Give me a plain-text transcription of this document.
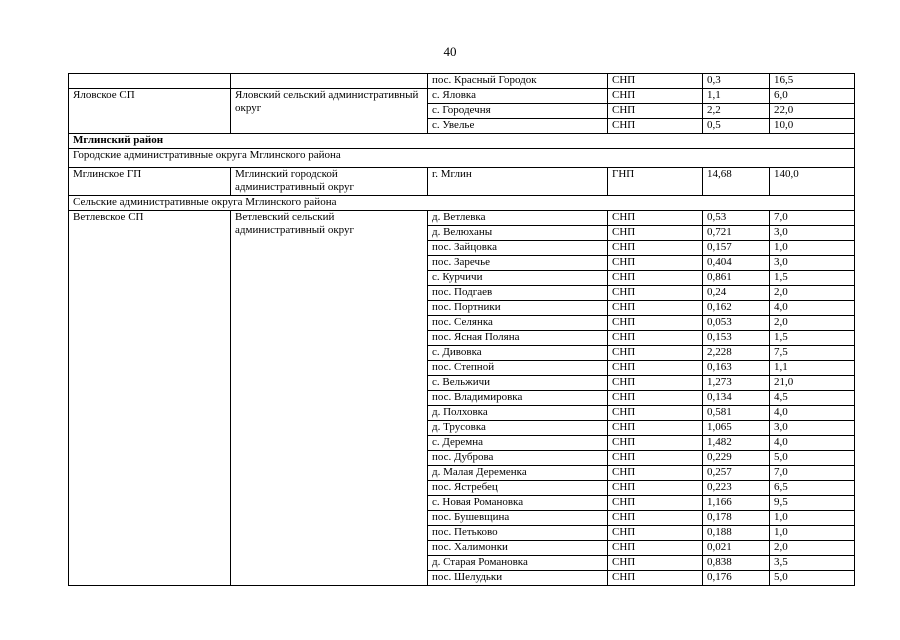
40
		пос. Красный Городок	СНП	0,3	16,5
Яловское СП	Яловский сельский административный округ	с. Яловка	СНП	1,1	6,0
		с. Городечня	СНП	2,2	22,0
		с. Увелье	СНП	0,5	10,0
Мглинский район					
Городские административные округа Мглинского района					
Мглинское ГП	Мглинский городской административный округ	г. Мглин	ГНП	14,68	140,0
Сельские административные округа Мглинского района					
Ветлевское СП	Ветлевский сельский административный округ	д. Ветлевка	СНП	0,53	7,0
		д. Велюханы	СНП	0,721	3,0
		пос. Зайцовка	СНП	0,157	1,0
		пос. Заречье	СНП	0,404	3,0
		с. Курчичи	СНП	0,861	1,5
		пос. Подгаев	СНП	0,24	2,0
		пос. Портники	СНП	0,162	4,0
		пос. Селянка	СНП	0,053	2,0
		пос. Ясная Поляна	СНП	0,153	1,5
		с. Дивовка	СНП	2,228	7,5
		пос. Степной	СНП	0,163	1,1
		с. Вельжичи	СНП	1,273	21,0
		пос. Владимировка	СНП	0,134	4,5
		д. Полховка	СНП	0,581	4,0
		д. Трусовка	СНП	1,065	3,0
		с. Деремна	СНП	1,482	4,0
		пос. Дуброва	СНП	0,229	5,0
		д. Малая Деременка	СНП	0,257	7,0
		пос. Ястребец	СНП	0,223	6,5
		с. Новая Романовка	СНП	1,166	9,5
		пос. Бушевщина	СНП	0,178	1,0
		пос. Петьково	СНП	0,188	1,0
		пос. Халимонки	СНП	0,021	2,0
		д. Старая Романовка	СНП	0,838	3,5
		пос. Шелудьки	СНП	0,176	5,0
